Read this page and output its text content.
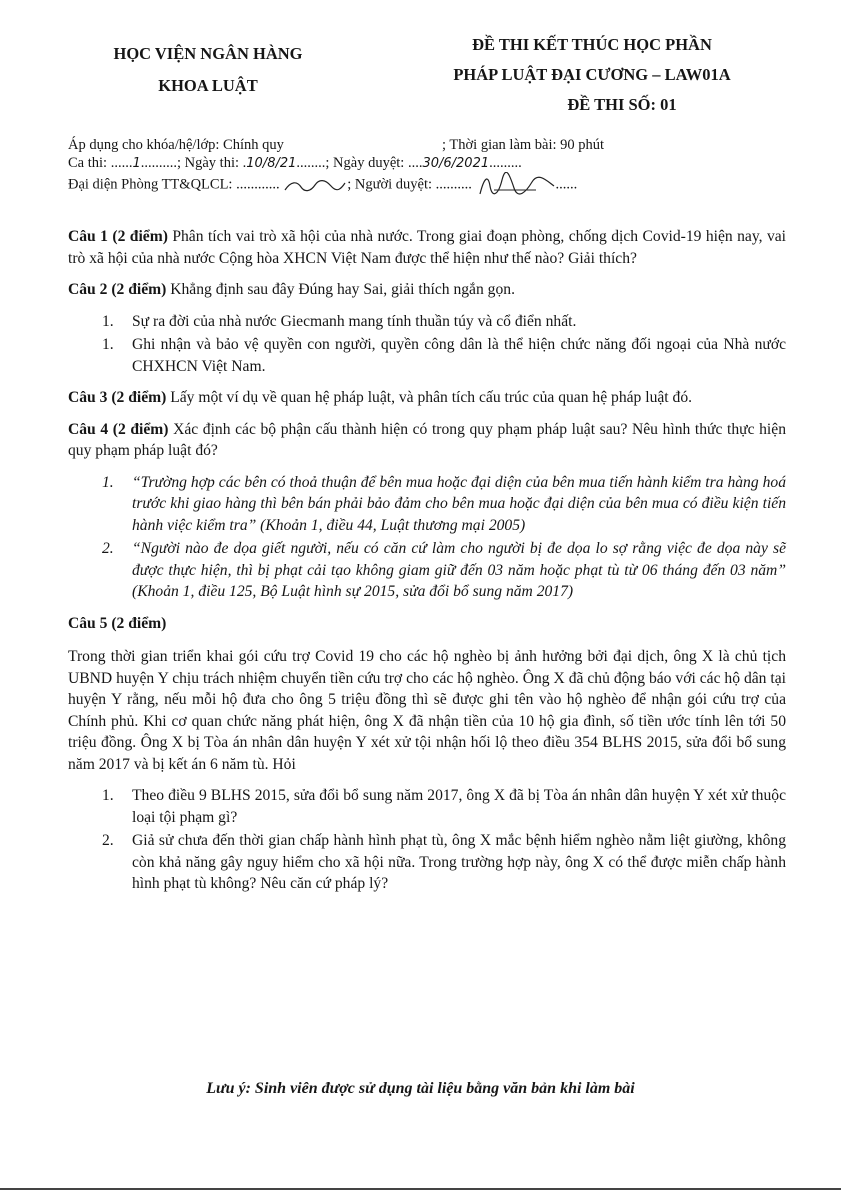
HỌC VIỆN NGÂN HÀNG
KHOA LUẬT
ĐỀ THI KẾT THÚC HỌC PHẦN
PHÁP LUẬT ĐẠI CƯƠNG – LAW01A
ĐỀ THI SỐ: 01
Áp dụng cho khóa/hệ/lớp: Chính quy	; Thời gian làm bài: 90 phút
Ca thi: ......1..........; Ngày thi: .10/8/21........; Ngày duyệt: ....30/6/2021.........
Đại diện Phòng TT&QLCL: ............	; Người duyệt: ..........	......

Câu 1 (2 điểm) Phân tích vai trò xã hội của nhà nước. Trong giai đoạn phòng, chống dịch Covid-19 hiện nay, vai trò xã hội của nhà nước Cộng hòa XHCN Việt Nam được thể hiện như thế nào? Giải thích?

Câu 2 (2 điểm) Khẳng định sau đây Đúng hay Sai, giải thích ngắn gọn.

1. Sự ra đời của nhà nước Giecmanh mang tính thuần túy và cổ điển nhất.
1. Ghi nhận và bảo vệ quyền con người, quyền công dân là thể hiện chức năng đối ngoại của Nhà nước CHXHCN Việt Nam.

Câu 3 (2 điểm) Lấy một ví dụ về quan hệ pháp luật, và phân tích cấu trúc của quan hệ pháp luật đó.

Câu 4 (2 điểm) Xác định các bộ phận cấu thành hiện có trong quy phạm pháp luật sau? Nêu hình thức thực hiện quy phạm pháp luật đó?

1. “Trường hợp các bên có thoả thuận để bên mua hoặc đại diện của bên mua tiến hành kiểm tra hàng hoá trước khi giao hàng thì bên bán phải bảo đảm cho bên mua hoặc đại diện của bên mua có điều kiện tiến hành việc kiểm tra” (Khoản 1, điều 44, Luật thương mại 2005)
2. “Người nào đe dọa giết người, nếu có căn cứ làm cho người bị đe dọa lo sợ rằng việc đe dọa này sẽ được thực hiện, thì bị phạt cải tạo không giam giữ đến 03 năm hoặc phạt tù từ 06 tháng đến 03 năm” (Khoản 1, điều 125, Bộ Luật hình sự 2015, sửa đổi bổ sung năm 2017)
Câu 5 (2 điểm)

Trong thời gian triển khai gói cứu trợ Covid 19 cho các hộ nghèo bị ảnh hưởng bởi đại dịch, ông X là chủ tịch UBND huyện Y chịu trách nhiệm chuyển tiền cứu trợ cho các hộ nghèo. Ông X đã chủ động báo với các hộ dân tại huyện Y rằng, nếu mỗi hộ đưa cho ông 5 triệu đồng thì sẽ được ghi tên vào hộ nghèo để nhận gói cứu trợ của Chính phủ. Khi cơ quan chức năng phát hiện, ông X đã nhận tiền của 10 hộ gia đình, số tiền ước tính lên tới 50 triệu đồng. Ông X bị Tòa án nhân dân huyện Y xét xử tội nhận hối lộ theo điều 354 BLHS 2015, sửa đổi bổ sung năm 2017 và bị kết án 6 năm tù. Hỏi

1. Theo điều 9 BLHS 2015, sửa đổi bổ sung năm 2017, ông X đã bị Tòa án nhân dân huyện Y xét xử thuộc loại tội phạm gì?
2. Giả sử chưa đến thời gian chấp hành hình phạt tù, ông X mắc bệnh hiểm nghèo nằm liệt giường, không còn khả năng gây nguy hiểm cho xã hội nữa. Trong trường hợp này, ông X có thể được miễn chấp hành hình phạt tù không? Nêu căn cứ pháp lý?
Lưu ý: Sinh viên được sử dụng tài liệu bằng văn bản khi làm bài
